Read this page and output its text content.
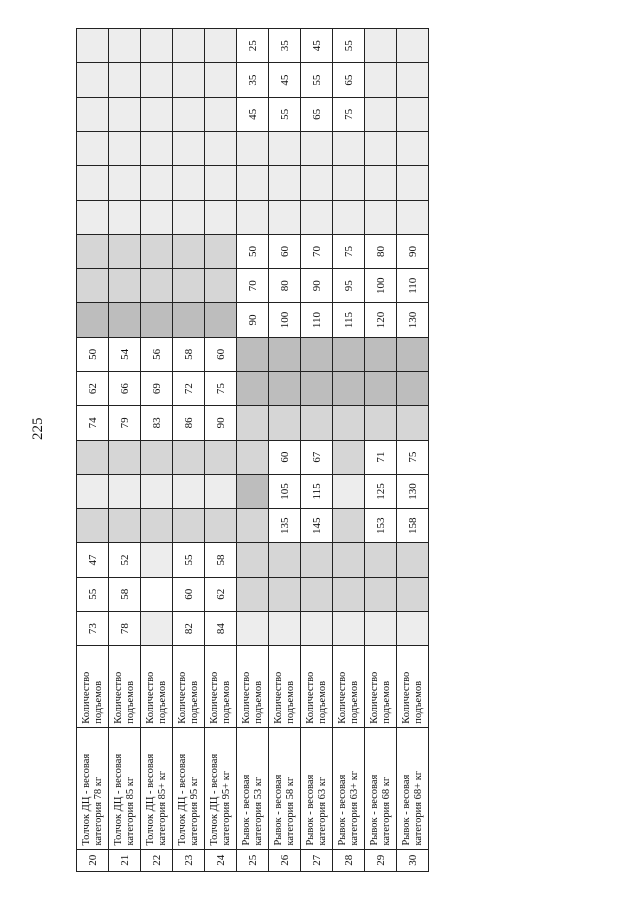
225
20	Толчок ДЦ - весовая категория 78 кг	Количество подъемов	73	55	47				74	62	50									
21	Толчок ДЦ - весовая категория 85 кг	Количество подъемов	78	58	52				79	66	54									
22	Толчок ДЦ - весовая категория 85+ кг	Количество подъемов							83	69	56									
23	Толчок ДЦ - весовая категория 95 кг	Количество подъемов	82	60	55				86	72	58									
24	Толчок ДЦ - весовая категория 95+ кг	Количество подъемов	84	62	58				90	75	60									
25	Рывок - весовая категория 53 кг	Количество подъемов										90	70	50				45	35	25
26	Рывок - весовая категория 58 кг	Количество подъемов				135	105	60				100	80	60				55	45	35
27	Рывок - весовая категория 63 кг	Количество подъемов				145	115	67				110	90	70				65	55	45
28	Рывок - весовая категория 63+ кг	Количество подъемов										115	95	75				75	65	55
29	Рывок - весовая категория 68 кг	Количество подъемов				153	125	71				120	100	80						
30	Рывок - весовая категория 68+ кг	Количество подъемов				158	130	75				130	110	90						
